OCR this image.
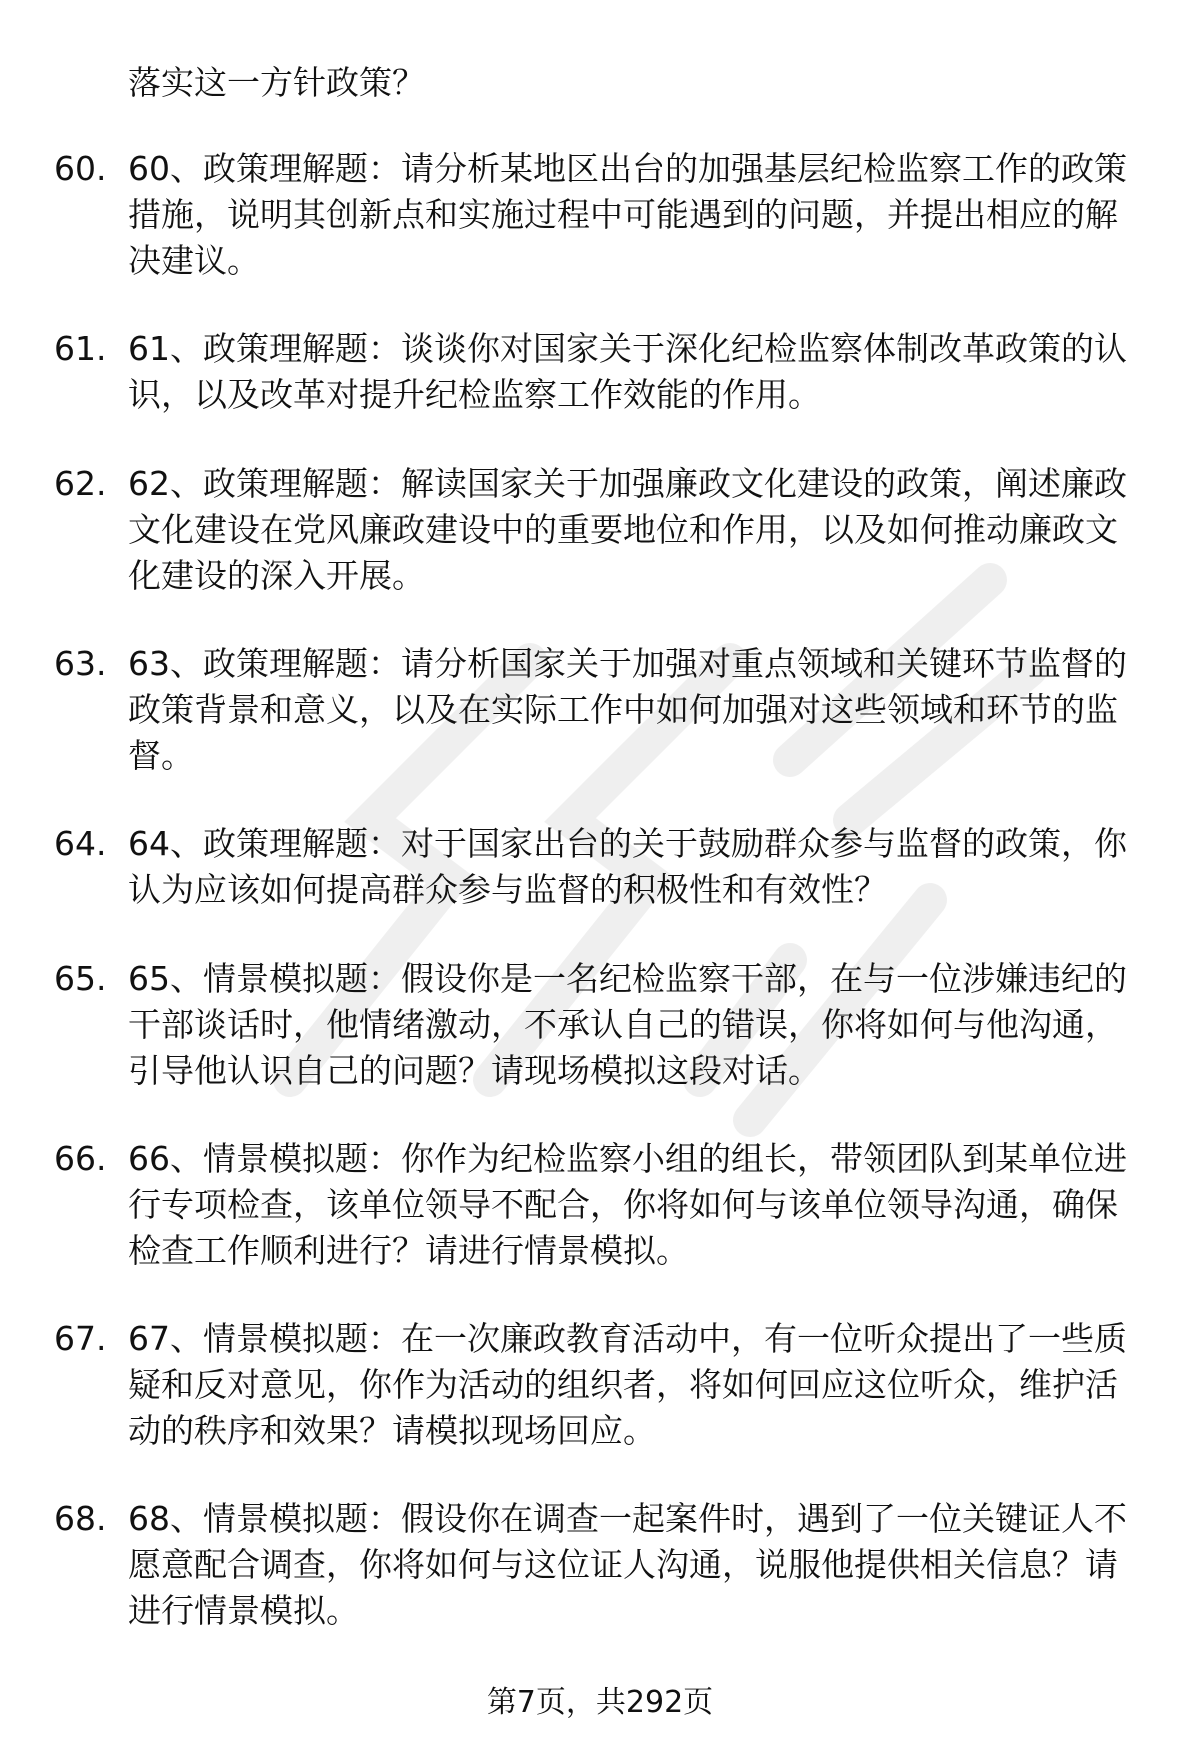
落实这一方针政策？
60. 60、政策理解题：请分析某地区出台的加强基层纪检监察工作的政策措施，说明其创新点和实施过程中可能遇到的问题，并提出相应的解决建议。
61. 61、政策理解题：谈谈你对国家关于深化纪检监察体制改革政策的认识，以及改革对提升纪检监察工作效能的作用。
62. 62、政策理解题：解读国家关于加强廉政文化建设的政策，阐述廉政文化建设在党风廉政建设中的重要地位和作用，以及如何推动廉政文化建设的深入开展。
63. 63、政策理解题：请分析国家关于加强对重点领域和关键环节监督的政策背景和意义，以及在实际工作中如何加强对这些领域和环节的监督。
64. 64、政策理解题：对于国家出台的关于鼓励群众参与监督的政策，你认为应该如何提高群众参与监督的积极性和有效性？
65. 65、情景模拟题：假设你是一名纪检监察干部，在与一位涉嫌违纪的干部谈话时，他情绪激动，不承认自己的错误，你将如何与他沟通，引导他认识自己的问题？请现场模拟这段对话。
66. 66、情景模拟题：你作为纪检监察小组的组长，带领团队到某单位进行专项检查，该单位领导不配合，你将如何与该单位领导沟通，确保检查工作顺利进行？请进行情景模拟。
67. 67、情景模拟题：在一次廉政教育活动中，有一位听众提出了一些质疑和反对意见，你作为活动的组织者，将如何回应这位听众，维护活动的秩序和效果？请模拟现场回应。
68. 68、情景模拟题：假设你在调查一起案件时，遇到了一位关键证人不愿意配合调查，你将如何与这位证人沟通，说服他提供相关信息？请进行情景模拟。
第7页，共292页
